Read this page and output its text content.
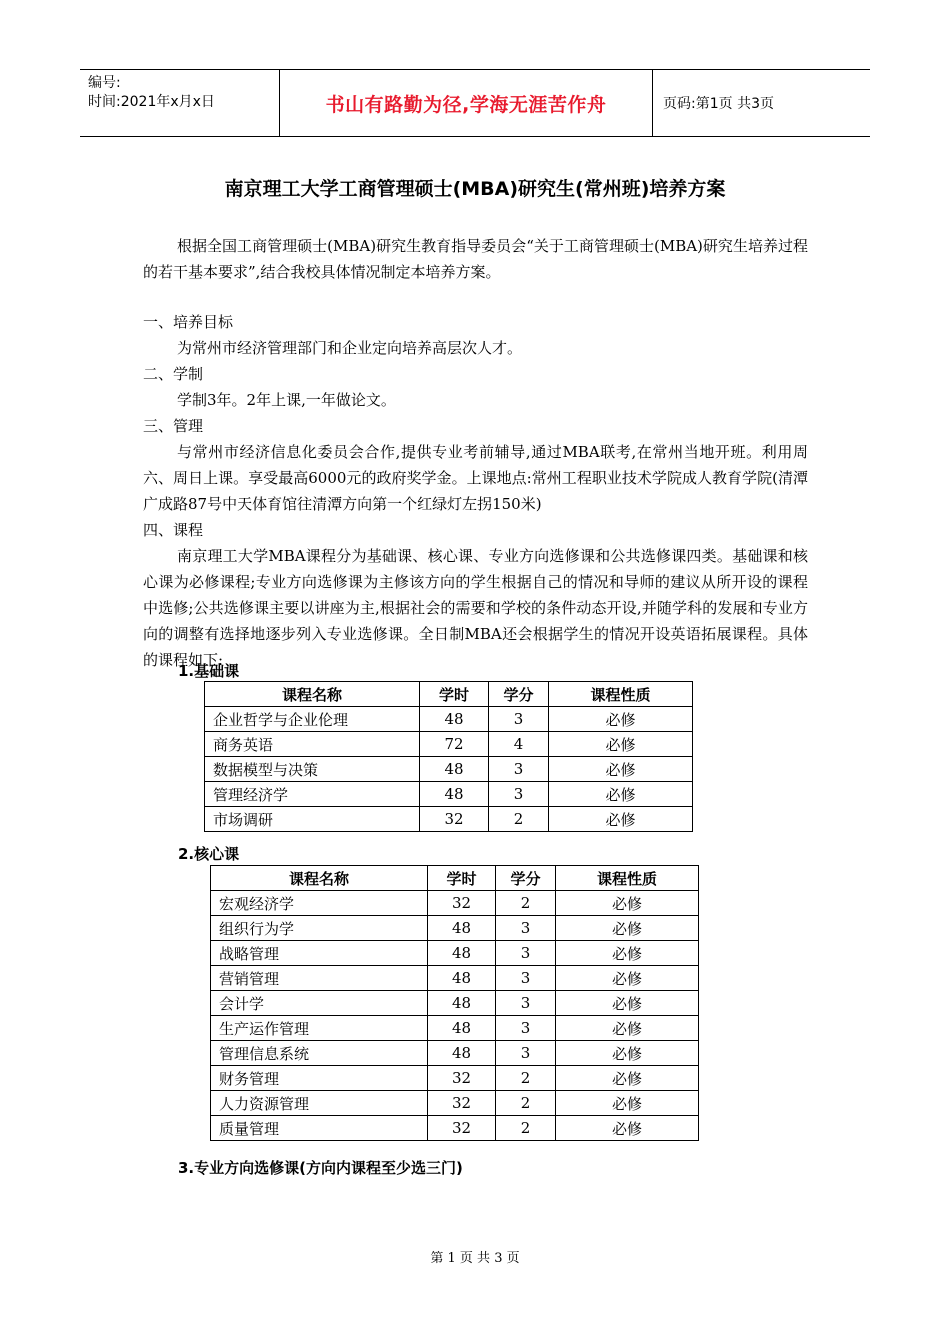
编号:
时间:2021年x月x日	书山有路勤为径,学海无涯苦作舟	页码:第1页 共3页
南京理工大学工商管理硕士(MBA)研究生(常州班)培养方案

根据全国工商管理硕士(MBA)研究生教育指导委员会“关于工商管理硕士(MBA)研究生培养过程的若干基本要求”,结合我校具体情况制定本培养方案。

一、培养目标

为常州市经济管理部门和企业定向培养高层次人才。

二、学制

学制3年。2年上课,一年做论文。

三、管理

与常州市经济信息化委员会合作,提供专业考前辅导,通过MBA联考,在常州当地开班。利用周六、周日上课。享受最高6000元的政府奖学金。上课地点:常州工程职业技术学院成人教育学院(清潭广成路87号中天体育馆往清潭方向第一个红绿灯左拐150米)

四、课程

南京理工大学MBA课程分为基础课、核心课、专业方向选修课和公共选修课四类。基础课和核心课为必修课程;专业方向选修课为主修该方向的学生根据自己的情况和导师的建议从所开设的课程中选修;公共选修课主要以讲座为主,根据社会的需要和学校的条件动态开设,并随学科的发展和专业方向的调整有选择地逐步列入专业选修课。全日制MBA还会根据学生的情况开设英语拓展课程。具体的课程如下:

1.基础课
课程名称	学时	学分	课程性质
企业哲学与企业伦理	48	3	必修
商务英语	72	4	必修
数据模型与决策	48	3	必修
管理经济学	48	3	必修
市场调研	32	2	必修
2.核心课
课程名称	学时	学分	课程性质
宏观经济学	32	2	必修
组织行为学	48	3	必修
战略管理	48	3	必修
营销管理	48	3	必修
会计学	48	3	必修
生产运作管理	48	3	必修
管理信息系统	48	3	必修
财务管理	32	2	必修
人力资源管理	32	2	必修
质量管理	32	2	必修
3.专业方向选修课(方向内课程至少选三门)
第 1 页 共 3 页
